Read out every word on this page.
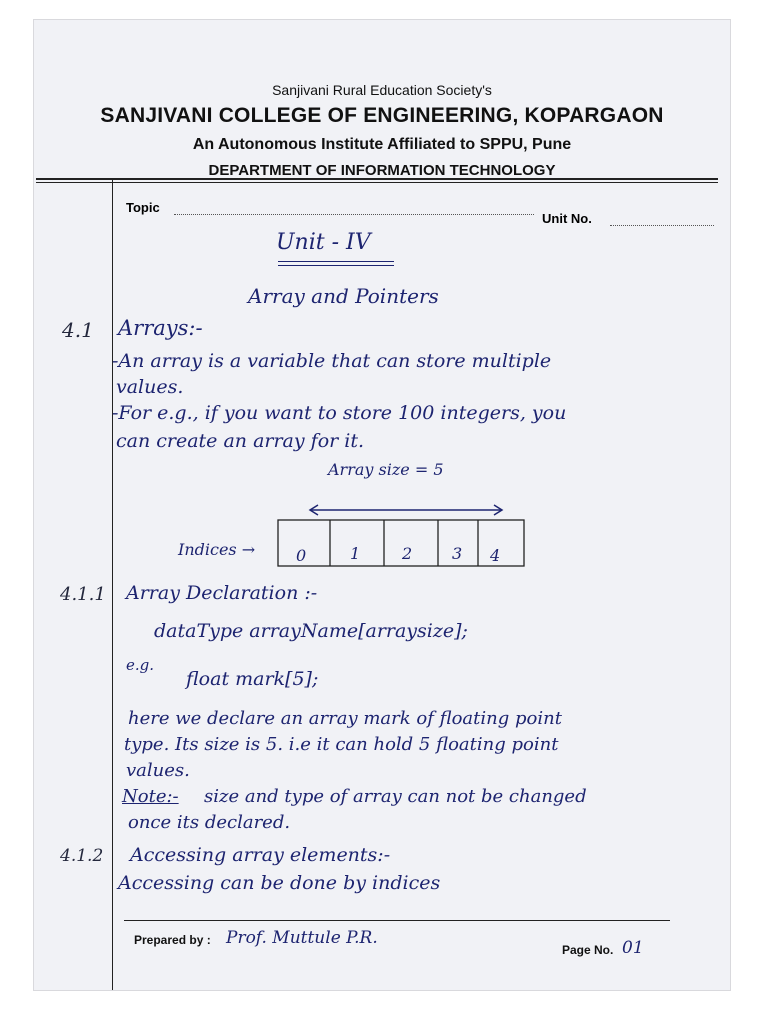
Sanjivani Rural Education Society's
SANJIVANI COLLEGE OF ENGINEERING, KOPARGAON
An Autonomous Institute Affiliated to SPPU, Pune
DEPARTMENT OF INFORMATION TECHNOLOGY
Topic
Unit No.
Unit - IV
Array and Pointers
4.1 Arrays:-
-An array is a variable that can store multiple
values.
-For e.g., if you want to store 100 integers, you
can create an array for it.
Array size = 5
Indices →	0	1	2 3 4
4.1.1 Array Declaration :-
dataType arrayName[arraysize];
e.g.
float mark[5];
here we declare an array mark of floating point
type. Its size is 5. i.e it can hold 5 floating point
values.
Note:- size and type of array can not be changed
once its declared.
4.1.2 Accessing array elements:-
Accessing can be done by indices
Prepared by : Prof. Muttule P.R.
Page No. 01
